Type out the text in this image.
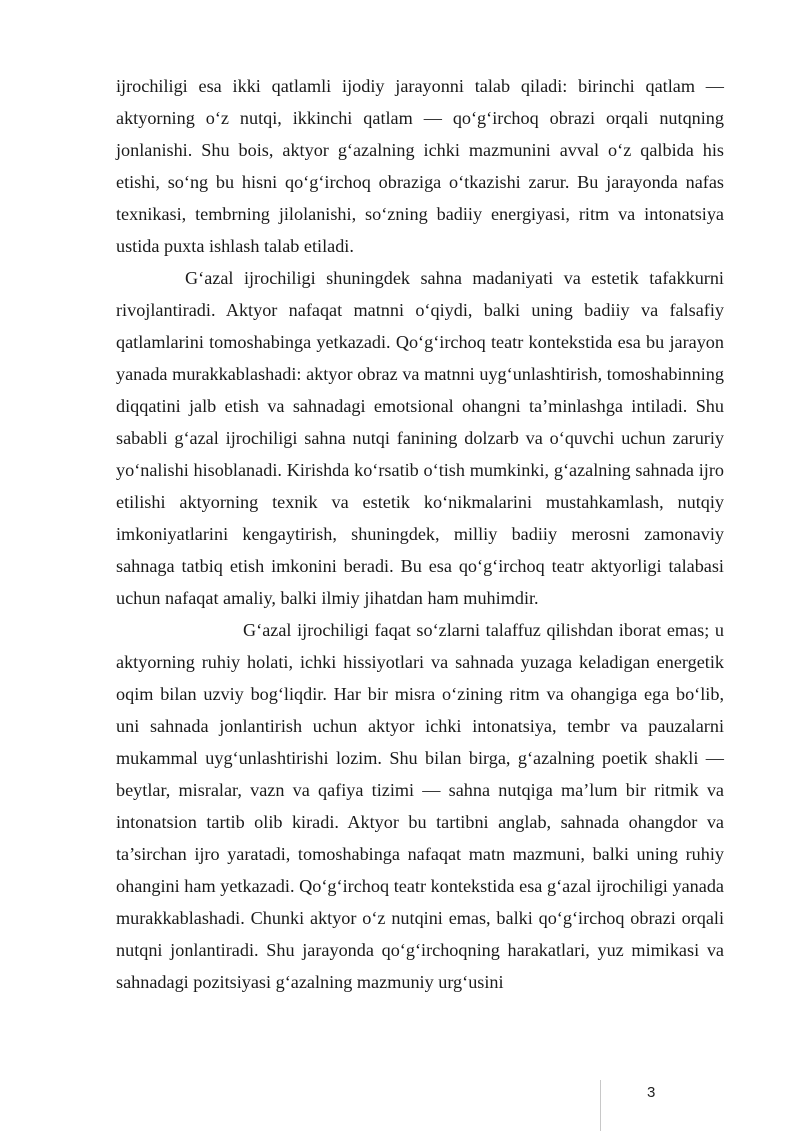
ijrochiligi esa ikki qatlamli ijodiy jarayonni talab qiladi: birinchi qatlam — aktyorning o‘z nutqi, ikkinchi qatlam — qo‘g‘irchoq obrazi orqali nutqning jonlanishi. Shu bois, aktyor g‘azalning ichki mazmunini avval o‘z qalbida his etishi, so‘ng bu hisni qo‘g‘irchoq obraziga o‘tkazishi zarur. Bu jarayonda nafas texnikasi, tembrning jilolanishi, so‘zning badiiy energiyasi, ritm va intonatsiya ustida puxta ishlash talab etiladi.

G‘azal ijrochiligi shuningdek sahna madaniyati va estetik tafakkurni rivojlantiradi. Aktyor nafaqat matnni o‘qiydi, balki uning badiiy va falsafiy qatlamlarini tomoshabinga yetkazadi. Qo‘g‘irchoq teatr kontekstida esa bu jarayon yanada murakkablashadi: aktyor obraz va matnni uyg‘unlashtirish, tomoshabinning diqqatini jalb etish va sahnadagi emotsional ohangni ta’minlashga intiladi. Shu sababli g‘azal ijrochiligi sahna nutqi fanining dolzarb va o‘quvchi uchun zaruriy yo‘nalishi hisoblanadi. Kirishda ko‘rsatib o‘tish mumkinki, g‘azalning sahnada ijro etilishi aktyorning texnik va estetik ko‘nikmalarini mustahkamlash, nutqiy imkoniyatlarini kengaytirish, shuningdek, milliy badiiy merosni zamonaviy sahnaga tatbiq etish imkonini beradi. Bu esa qo‘g‘irchoq teatr aktyorligi talabasi uchun nafaqat amaliy, balki ilmiy jihatdan ham muhimdir.

G‘azal ijrochiligi faqat so‘zlarni talaffuz qilishdan iborat emas; u aktyorning ruhiy holati, ichki hissiyotlari va sahnada yuzaga keladigan energetik oqim bilan uzviy bog‘liqdir. Har bir misra o‘zining ritm va ohangiga ega bo‘lib, uni sahnada jonlantirish uchun aktyor ichki intonatsiya, tembr va pauzalarni mukammal uyg‘unlashtirishi lozim. Shu bilan birga, g‘azalning poetik shakli — beytlar, misralar, vazn va qafiya tizimi — sahna nutqiga ma’lum bir ritmik va intonatsion tartib olib kiradi. Aktyor bu tartibni anglab, sahnada ohangdor va ta’sirchan ijro yaratadi, tomoshabinga nafaqat matn mazmuni, balki uning ruhiy ohangini ham yetkazadi. Qo‘g‘irchoq teatr kontekstida esa g‘azal ijrochiligi yanada murakkablashadi. Chunki aktyor o‘z nutqini emas, balki qo‘g‘irchoq obrazi orqali nutqni jonlantiradi. Shu jarayonda qo‘g‘irchoqning harakatlari, yuz mimikasi va sahnadagi pozitsiyasi g‘azalning mazmuniy urg‘usini

3
